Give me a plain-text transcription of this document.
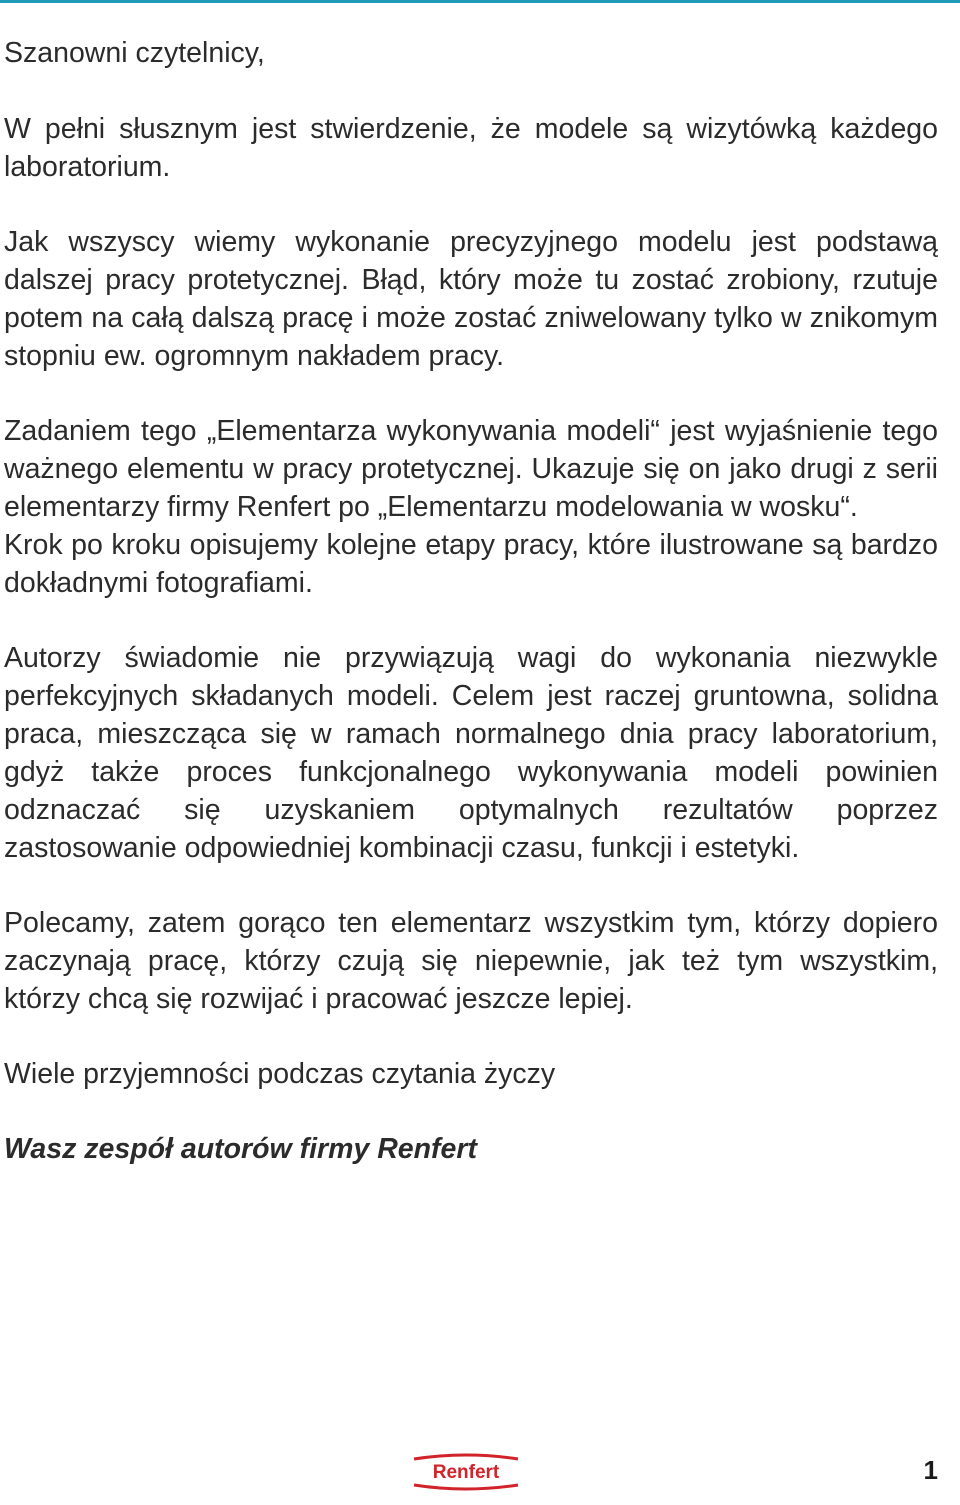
Szanowni czytelnicy,

W pełni słusznym jest stwierdzenie, że modele są wizytówką każdego laboratorium.

Jak wszyscy wiemy wykonanie precyzyjnego modelu jest podstawą dalszej pracy protetycznej. Błąd, który może tu zostać zrobiony, rzutuje potem na całą dalszą pracę i może zostać zniwelowany tylko w znikomym stopniu ew. ogromnym nakładem pracy.

Zadaniem tego „Elementarza wykonywania modeli“ jest wyjaśnienie tego ważnego elementu w pracy protetycznej. Ukazuje się on jako drugi z serii elementarzy firmy Renfert po „Elementarzu modelowania w wosku“.

Krok po kroku opisujemy kolejne etapy pracy, które ilustrowane są bardzo dokładnymi fotografiami.

Autorzy świadomie nie przywiązują wagi do wykonania niezwykle perfekcyjnych składanych modeli. Celem jest raczej gruntowna, solidna praca, mieszcząca się w ramach normalnego dnia pracy laboratorium, gdyż także proces funkcjonalnego wykonywania modeli powinien odznaczać się uzyskaniem optymalnych rezultatów poprzez zastosowanie odpowiedniej kombinacji czasu, funkcji i estetyki.

Polecamy, zatem gorąco ten elementarz wszystkim tym, którzy dopiero zaczynają pracę, którzy czują się niepewnie, jak też tym wszystkim, którzy chcą się rozwijać i pracować jeszcze lepiej.

Wiele przyjemności podczas czytania życzy

Wasz zespół autorów firmy Renfert

Renfert	1
